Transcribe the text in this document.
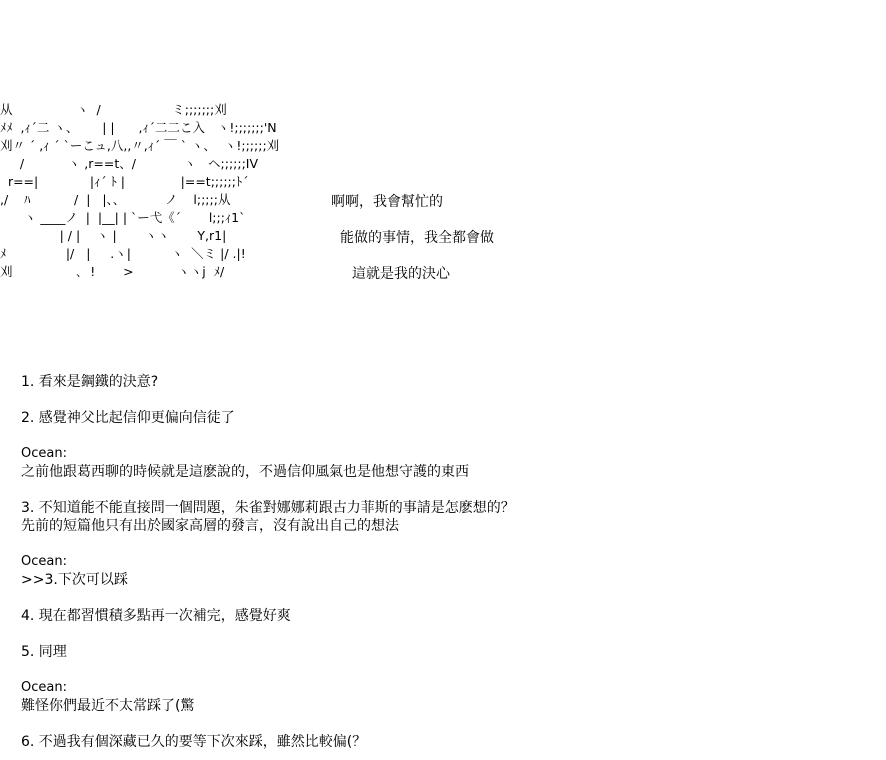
从                ヽ  /                  ミ;;;;;;;刈
ﾒﾒ  ,ｨ´二 ヽ、      | |      ,ｨ´二二こ入   ヽ!;;;;;;;'N
刈〃 ´ ,ｨ ´ `ーこュ,八,,〃,ｨ´ ￣ ` ヽ、  ヽ!;;;;;;刈
/           ヽ ,r==t、/            ヽ   ヘ;;;;;;IV
r==|             |ｨ´ ﾄ |              |==t;;;;;;ﾄ´
,/    ﾊ           /  |   |、、          ノ    l;;;;;从
ヽ ____ノ  |  |__| | `ー弋《´       l;;;ｨ1`
| / |    ヽ |       ヽヽ       Y,r1|
ﾒ               |/   |     .ヽ|          ヽ  ＼ミ |/ .|!
刈                ､  !       >           ヽヽj  ﾒ/
啊啊，我會幫忙的
能做的事情，我全都會做
這就是我的決心
1. 看來是鋼鐵的決意?
2. 感覺神父比起信仰更偏向信徒了
Ocean:
之前他跟葛西聊的時候就是這麽說的，不過信仰風氣也是他想守護的東西
3. 不知道能不能直接問一個問題，朱雀對娜娜莉跟古力菲斯的事請是怎麽想的？
先前的短篇他只有出於國家高層的發言，沒有說出自己的想法
Ocean:
>>3.下次可以踩
4. 現在都習慣積多點再一次補完，感覺好爽
5. 同理
Ocean:
難怪你們最近不太常踩了(驚
6. 不過我有個深藏已久的要等下次來踩，雖然比較偏(？
